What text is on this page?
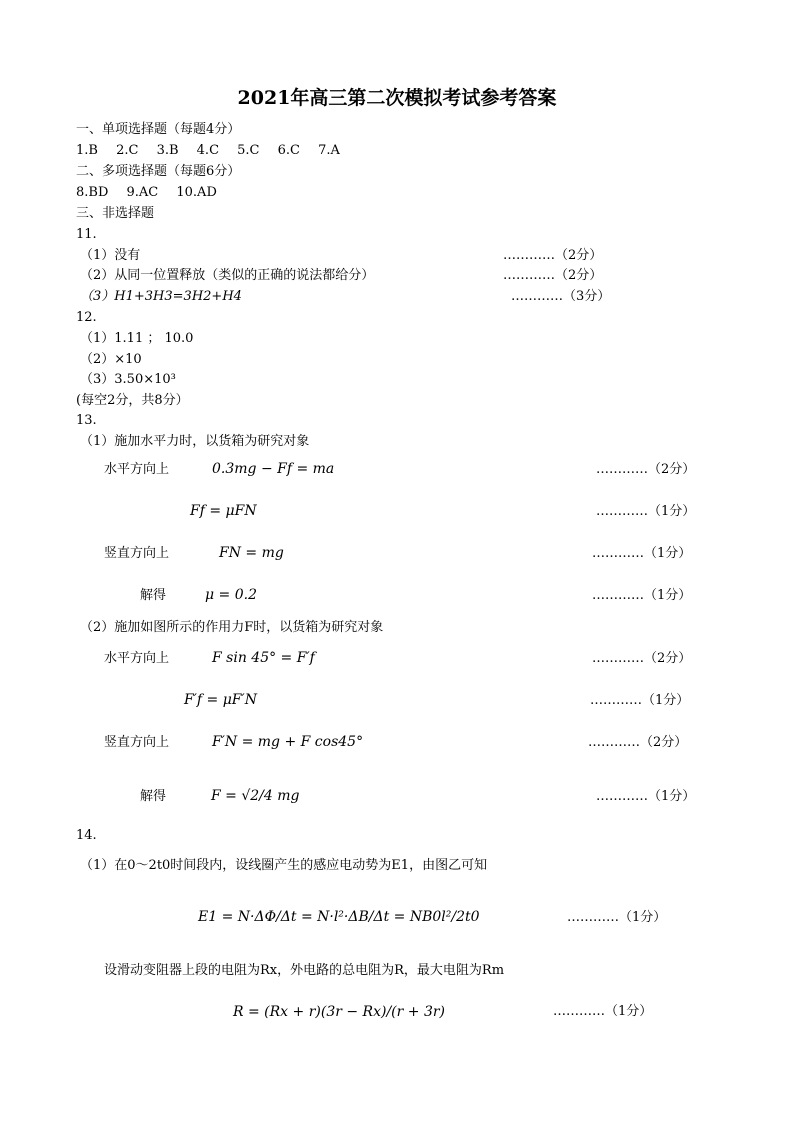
2021年高三第二次模拟考试参考答案
一、单项选择题（每题4分）
1.B 2.C 3.B 4.C 5.C 6.C 7.A
二、多项选择题（每题6分）
8.BD 9.AC 10.AD
三、非选择题
11.
（1）没有	…………（2分）
（2）从同一位置释放（类似的正确的说法都给分）	…………（2分）
（3）H1+3H3=3H2+H4	…………（3分）
12.
（1）1.11 ； 10.0
（2）×10
（3）3.50×10³
(每空2分，共8分）
13.
（1）施加水平力时，以货箱为研究对象
水平方向上	0.3mg − Ff = ma	…………（2分）
Ff = μFN	…………（1分）
竖直方向上	FN = mg	…………（1分）
解得	μ = 0.2	…………（1分）
（2）施加如图所示的作用力F时，以货箱为研究对象
水平方向上	F sin 45° = F′f	…………（2分）
F′f = μF′N	…………（1分）
竖直方向上	F′N = mg + F cos45°	…………（2分）
解得	F = √2/4 mg	…………（1分）
14.
（1）在0～2t0时间段内，设线圈产生的感应电动势为E1，由图乙可知
E1 = N·ΔΦ/Δt = N·l²·ΔB/Δt = NB0l²/2t0	…………（1分）
设滑动变阻器上段的电阻为Rx，外电路的总电阻为R，最大电阻为Rm
R = (Rx + r)(3r − Rx)/(r + 3r)	…………（1分）
